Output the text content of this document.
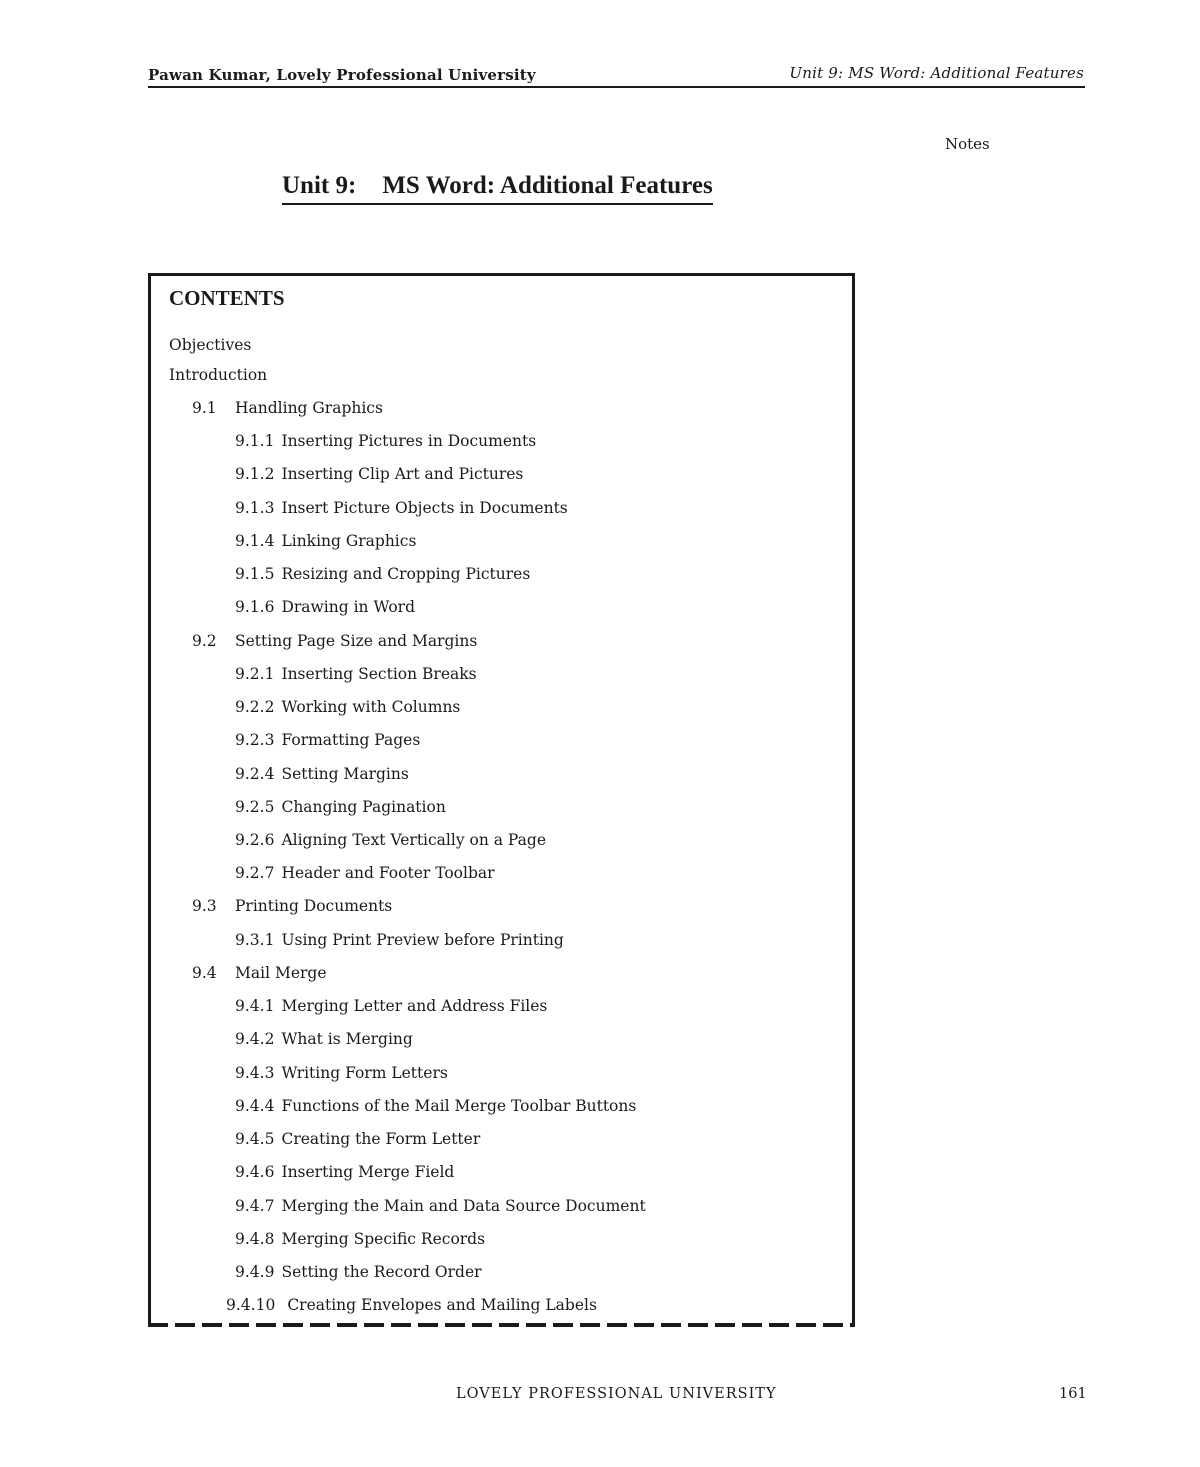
Pawan Kumar, Lovely Professional University	Unit 9: MS Word: Additional Features
Notes
Unit 9: MS Word: Additional Features
CONTENTS
Objectives
Introduction
9.1 Handling Graphics
9.1.1 Inserting Pictures in Documents
9.1.2 Inserting Clip Art and Pictures
9.1.3 Insert Picture Objects in Documents
9.1.4 Linking Graphics
9.1.5 Resizing and Cropping Pictures
9.1.6 Drawing in Word
9.2 Setting Page Size and Margins
9.2.1 Inserting Section Breaks
9.2.2 Working with Columns
9.2.3 Formatting Pages
9.2.4 Setting Margins
9.2.5 Changing Pagination
9.2.6 Aligning Text Vertically on a Page
9.2.7 Header and Footer Toolbar
9.3 Printing Documents
9.3.1 Using Print Preview before Printing
9.4 Mail Merge
9.4.1 Merging Letter and Address Files
9.4.2 What is Merging
9.4.3 Writing Form Letters
9.4.4 Functions of the Mail Merge Toolbar Buttons
9.4.5 Creating the Form Letter
9.4.6 Inserting Merge Field
9.4.7 Merging the Main and Data Source Document
9.4.8 Merging Specific Records
9.4.9 Setting the Record Order
9.4.10 Creating Envelopes and Mailing Labels
LOVELY PROFESSIONAL UNIVERSITY	161
